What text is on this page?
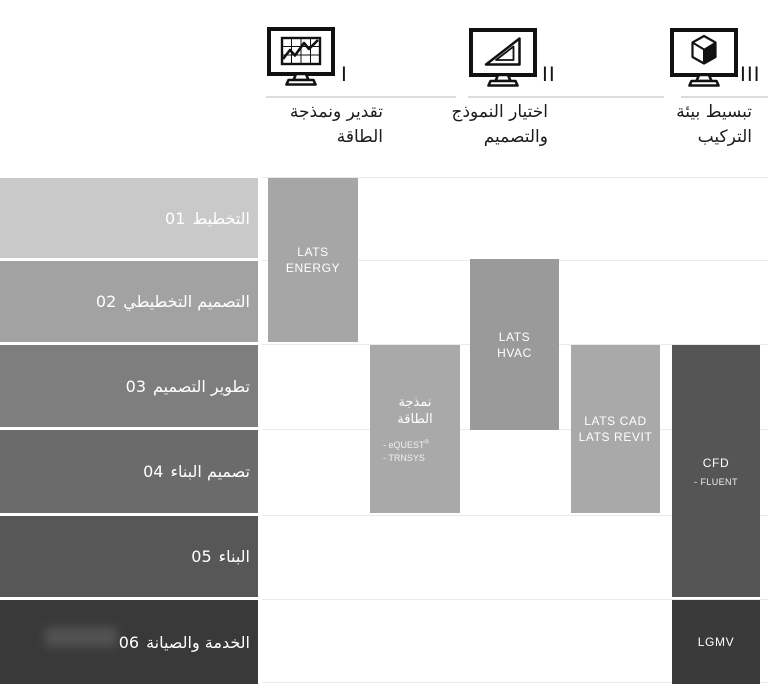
I
تقدير ونمذجة
الطاقة
II
اختيار النموذج
والتصميم
III
تبسيط بيئة
التركيب
01 التخطيط
02 التصميم التخطيطي
03 تطوير التصميم
04 تصميم البناء
05 البناء
06 الخدمة والصيانة
LATS
ENERGY
نمذجة
الطاقة
- eQUEST®
- TRNSYS
LATS
HVAC
LATS CAD
LATS REVIT
CFD
- FLUENT
LGMV
